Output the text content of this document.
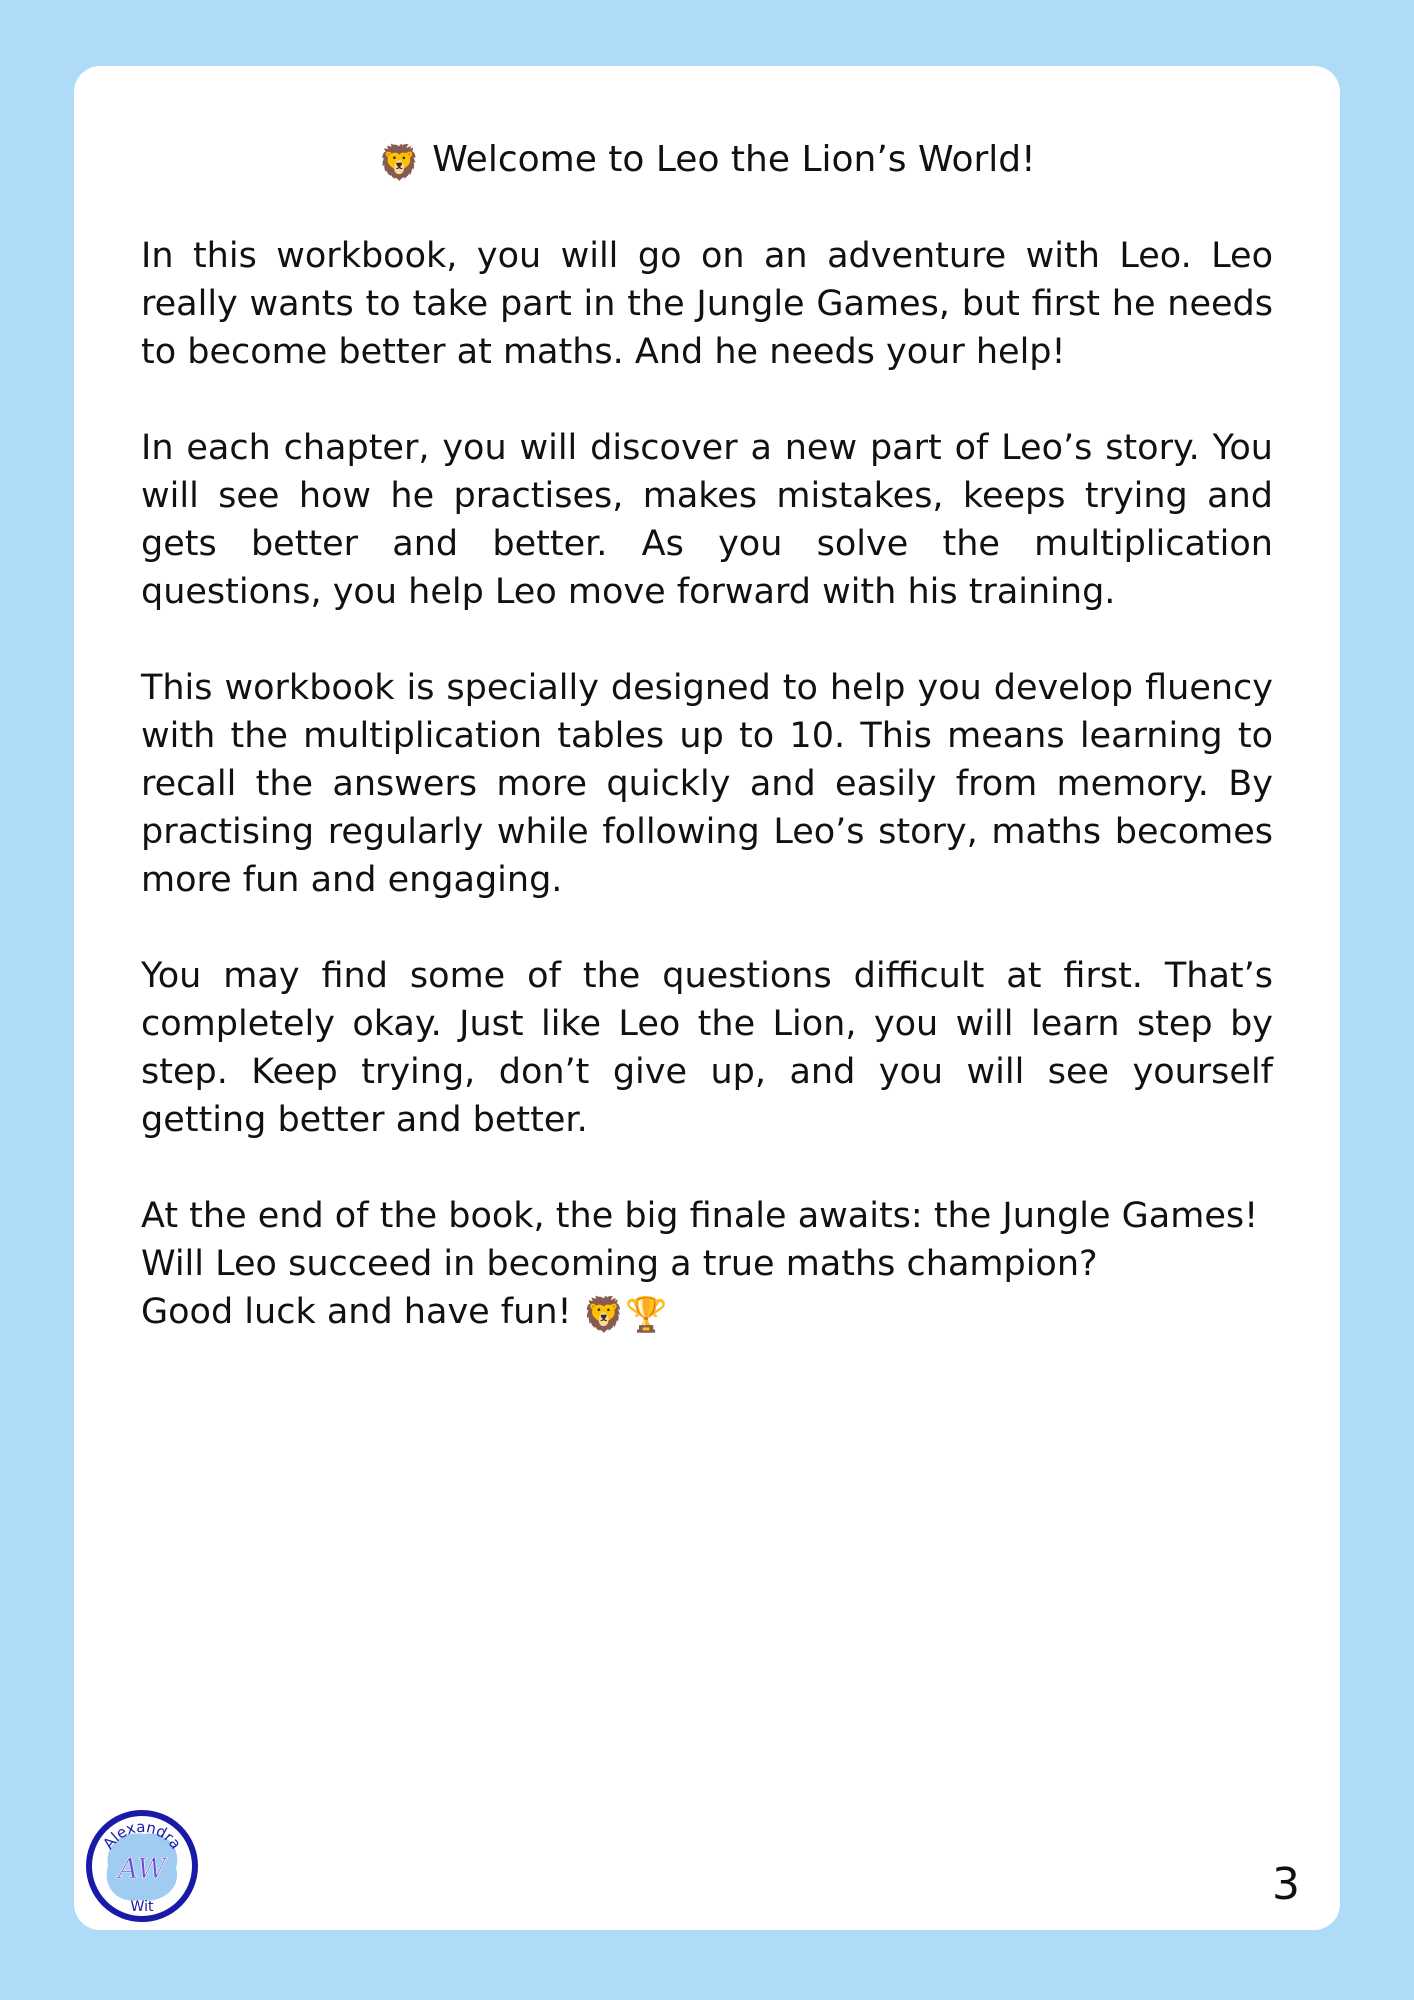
🦁 Welcome to Leo the Lion’s World!

In this workbook, you will go on an adventure with Leo. Leo really wants to take part in the Jungle Games, but first he needs to become better at maths. And he needs your help!

In each chapter, you will discover a new part of Leo’s story. You will see how he practises, makes mistakes, keeps trying and gets better and better. As you solve the multiplication questions, you help Leo move forward with his training.

This workbook is specially designed to help you develop fluency with the multiplication tables up to 10. This means learning to recall the answers more quickly and easily from memory. By practising regularly while following Leo’s story, maths becomes more fun and engaging.

You may find some of the questions difficult at first. That’s completely okay. Just like Leo the Lion, you will learn step by step. Keep trying, don’t give up, and you will see yourself getting better and better.

At the end of the book, the big finale awaits: the Jungle Games!
Will Leo succeed in becoming a true maths champion?
Good luck and have fun! 🦁🏆

Alexandra
AW
Wit	3
